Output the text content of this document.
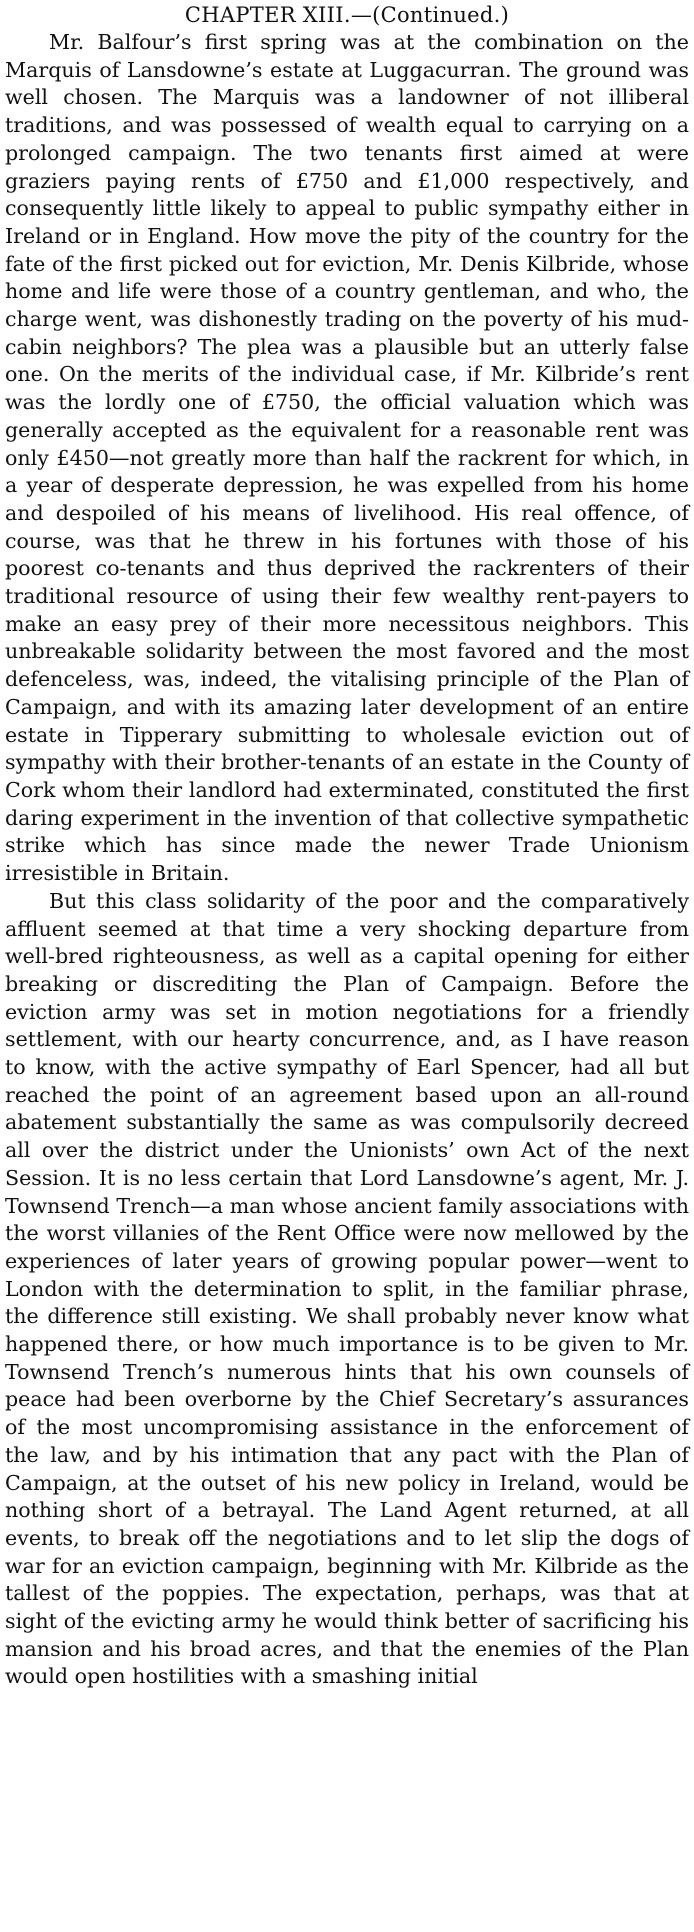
CHAPTER XIII.—(Continued.)

Mr. Balfour’s first spring was at the combination on the Marquis of Lansdowne’s estate at Luggacurran. The ground was well chosen. The Marquis was a landowner of not illiberal traditions, and was possessed of wealth equal to carrying on a prolonged campaign. The two tenants first aimed at were graziers paying rents of £750 and £1,000 respectively, and consequently little likely to appeal to public sympathy either in Ireland or in England. How move the pity of the country for the fate of the first picked out for eviction, Mr. Denis Kilbride, whose home and life were those of a country gentleman, and who, the charge went, was dishonestly trading on the poverty of his mud-cabin neighbors? The plea was a plausible but an utterly false one. On the merits of the individual case, if Mr. Kilbride’s rent was the lordly one of £750, the official valuation which was generally accepted as the equivalent for a reasonable rent was only £450—not greatly more than half the rackrent for which, in a year of desperate depression, he was expelled from his home and despoiled of his means of livelihood. His real offence, of course, was that he threw in his fortunes with those of his poorest co-tenants and thus deprived the rackrenters of their traditional resource of using their few wealthy rent-payers to make an easy prey of their more necessitous neighbors. This unbreakable solidarity between the most favored and the most defenceless, was, indeed, the vitalising principle of the Plan of Campaign, and with its amazing later development of an entire estate in Tipperary submitting to wholesale eviction out of sympathy with their brother-tenants of an estate in the County of Cork whom their landlord had exterminated, constituted the first daring experiment in the invention of that collective sympathetic strike which has since made the newer Trade Unionism irresistible in Britain.

But this class solidarity of the poor and the comparatively affluent seemed at that time a very shocking departure from well-bred righteousness, as well as a capital opening for either breaking or discrediting the Plan of Campaign. Before the eviction army was set in motion negotiations for a friendly settlement, with our hearty concurrence, and, as I have reason to know, with the active sympathy of Earl Spencer, had all but reached the point of an agreement based upon an all-round abatement substantially the same as was compulsorily decreed all over the district under the Unionists’ own Act of the next Session. It is no less certain that Lord Lansdowne’s agent, Mr. J. Townsend Trench—a man whose ancient family associations with the worst villanies of the Rent Office were now mellowed by the experiences of later years of growing popular power—went to London with the determination to split, in the familiar phrase, the difference still existing. We shall probably never know what happened there, or how much importance is to be given to Mr. Townsend Trench’s numerous hints that his own counsels of peace had been overborne by the Chief Secretary’s assurances of the most uncompromising assistance in the enforcement of the law, and by his intimation that any pact with the Plan of Campaign, at the outset of his new policy in Ireland, would be nothing short of a betrayal. The Land Agent returned, at all events, to break off the negotiations and to let slip the dogs of war for an eviction campaign, beginning with Mr. Kilbride as the tallest of the poppies. The expectation, perhaps, was that at sight of the evicting army he would think better of sacrificing his mansion and his broad acres, and that the enemies of the Plan would open hostilities with a smashing initial
